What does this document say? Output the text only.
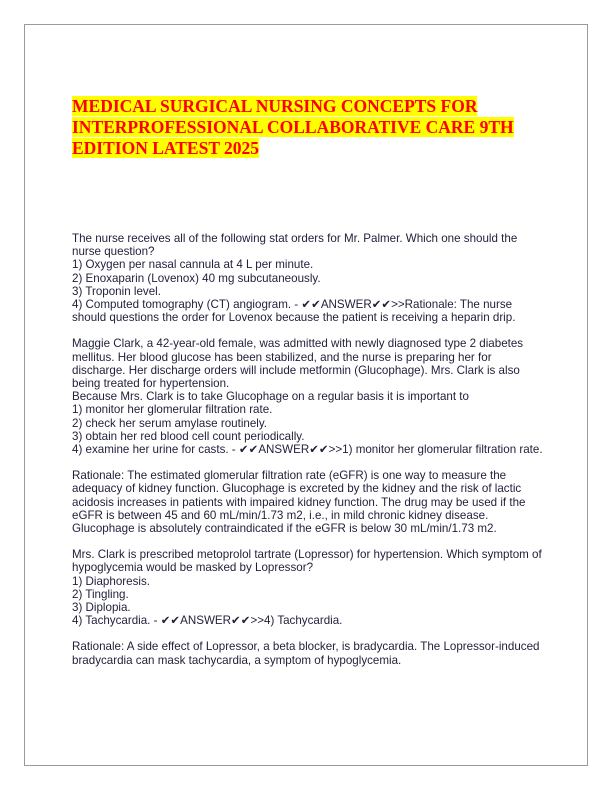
MEDICAL SURGICAL NURSING CONCEPTS FOR INTERPROFESSIONAL COLLABORATIVE CARE 9TH EDITION LATEST 2025
The nurse receives all of the following stat orders for Mr. Palmer. Which one should the nurse question?
1) Oxygen per nasal cannula at 4 L per minute.
2) Enoxaparin (Lovenox) 40 mg subcutaneously.
3) Troponin level.
4) Computed tomography (CT) angiogram. - ✔✔ANSWER✔✔>>Rationale: The nurse should questions the order for Lovenox because the patient is receiving a heparin drip.
Maggie Clark, a 42-year-old female, was admitted with newly diagnosed type 2 diabetes mellitus. Her blood glucose has been stabilized, and the nurse is preparing her for discharge. Her discharge orders will include metformin (Glucophage). Mrs. Clark is also being treated for hypertension.
Because Mrs. Clark is to take Glucophage on a regular basis it is important to
1) monitor her glomerular filtration rate.
2) check her serum amylase routinely.
3) obtain her red blood cell count periodically.
4) examine her urine for casts. - ✔✔ANSWER✔✔>>1) monitor her glomerular filtration rate.
Rationale: The estimated glomerular filtration rate (eGFR) is one way to measure the adequacy of kidney function. Glucophage is excreted by the kidney and the risk of lactic acidosis increases in patients with impaired kidney function. The drug may be used if the eGFR is between 45 and 60 mL/min/1.73 m2, i.e., in mild chronic kidney disease. Glucophage is absolutely contraindicated if the eGFR is below 30 mL/min/1.73 m2.
Mrs. Clark is prescribed metoprolol tartrate (Lopressor) for hypertension. Which symptom of hypoglycemia would be masked by Lopressor?
1) Diaphoresis.
2) Tingling.
3) Diplopia.
4) Tachycardia. - ✔✔ANSWER✔✔>>4) Tachycardia.
Rationale: A side effect of Lopressor, a beta blocker, is bradycardia. The Lopressor-induced bradycardia can mask tachycardia, a symptom of hypoglycemia.
